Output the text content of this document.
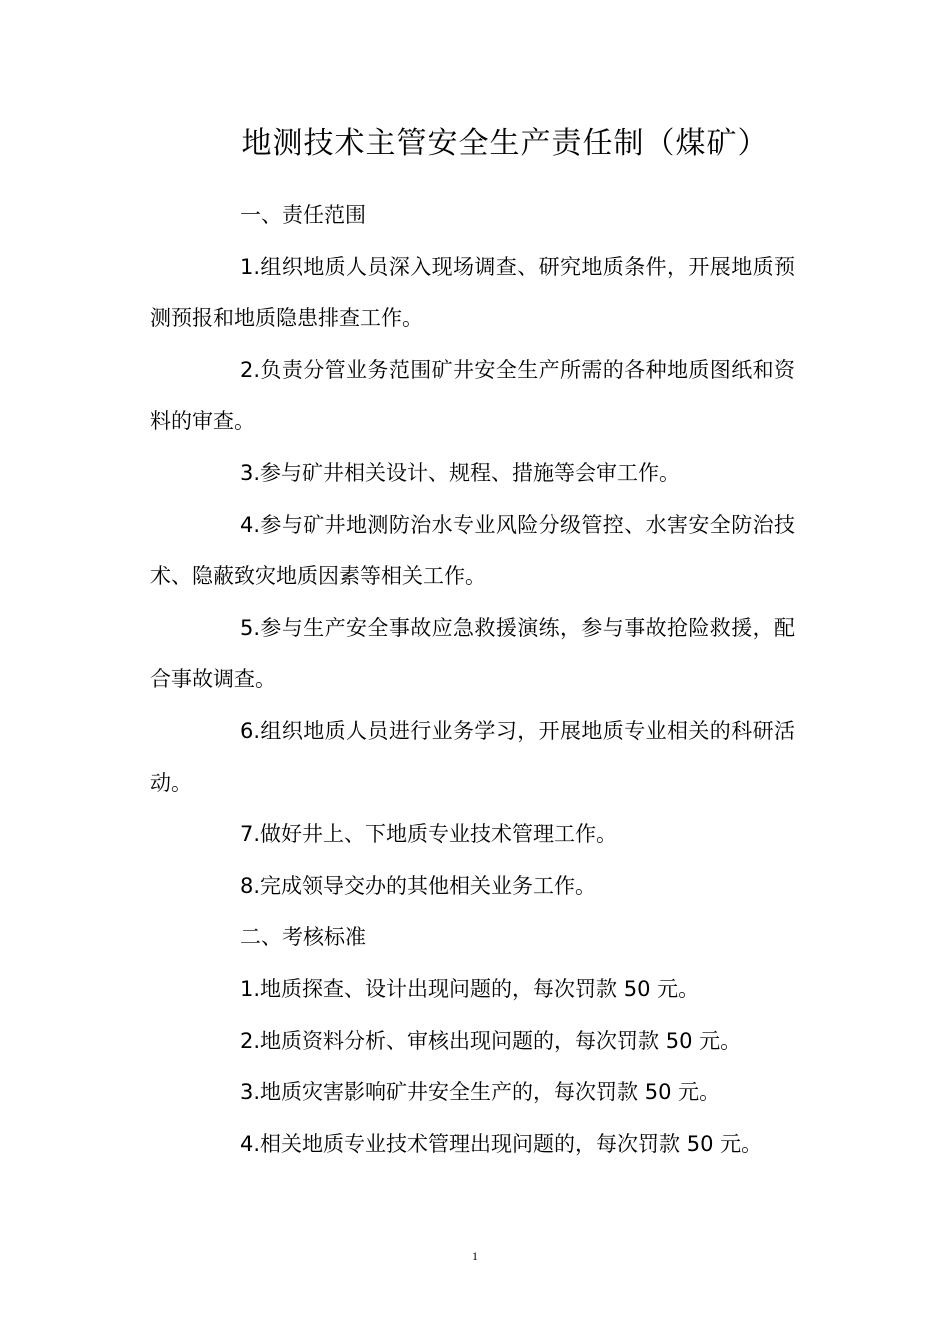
地测技术主管安全生产责任制（煤矿）

一、责任范围

1.组织地质人员深入现场调查、研究地质条件，开展地质预测预报和地质隐患排查工作。

2.负责分管业务范围矿井安全生产所需的各种地质图纸和资料的审查。

3.参与矿井相关设计、规程、措施等会审工作。

4.参与矿井地测防治水专业风险分级管控、水害安全防治技术、隐蔽致灾地质因素等相关工作。

5.参与生产安全事故应急救援演练，参与事故抢险救援，配合事故调查。

6.组织地质人员进行业务学习，开展地质专业相关的科研活动。

7.做好井上、下地质专业技术管理工作。

8.完成领导交办的其他相关业务工作。

二、考核标准

1.地质探查、设计出现问题的，每次罚款 50 元。

2.地质资料分析、审核出现问题的，每次罚款 50 元。

3.地质灾害影响矿井安全生产的，每次罚款 50 元。

4.相关地质专业技术管理出现问题的，每次罚款 50 元。

1
